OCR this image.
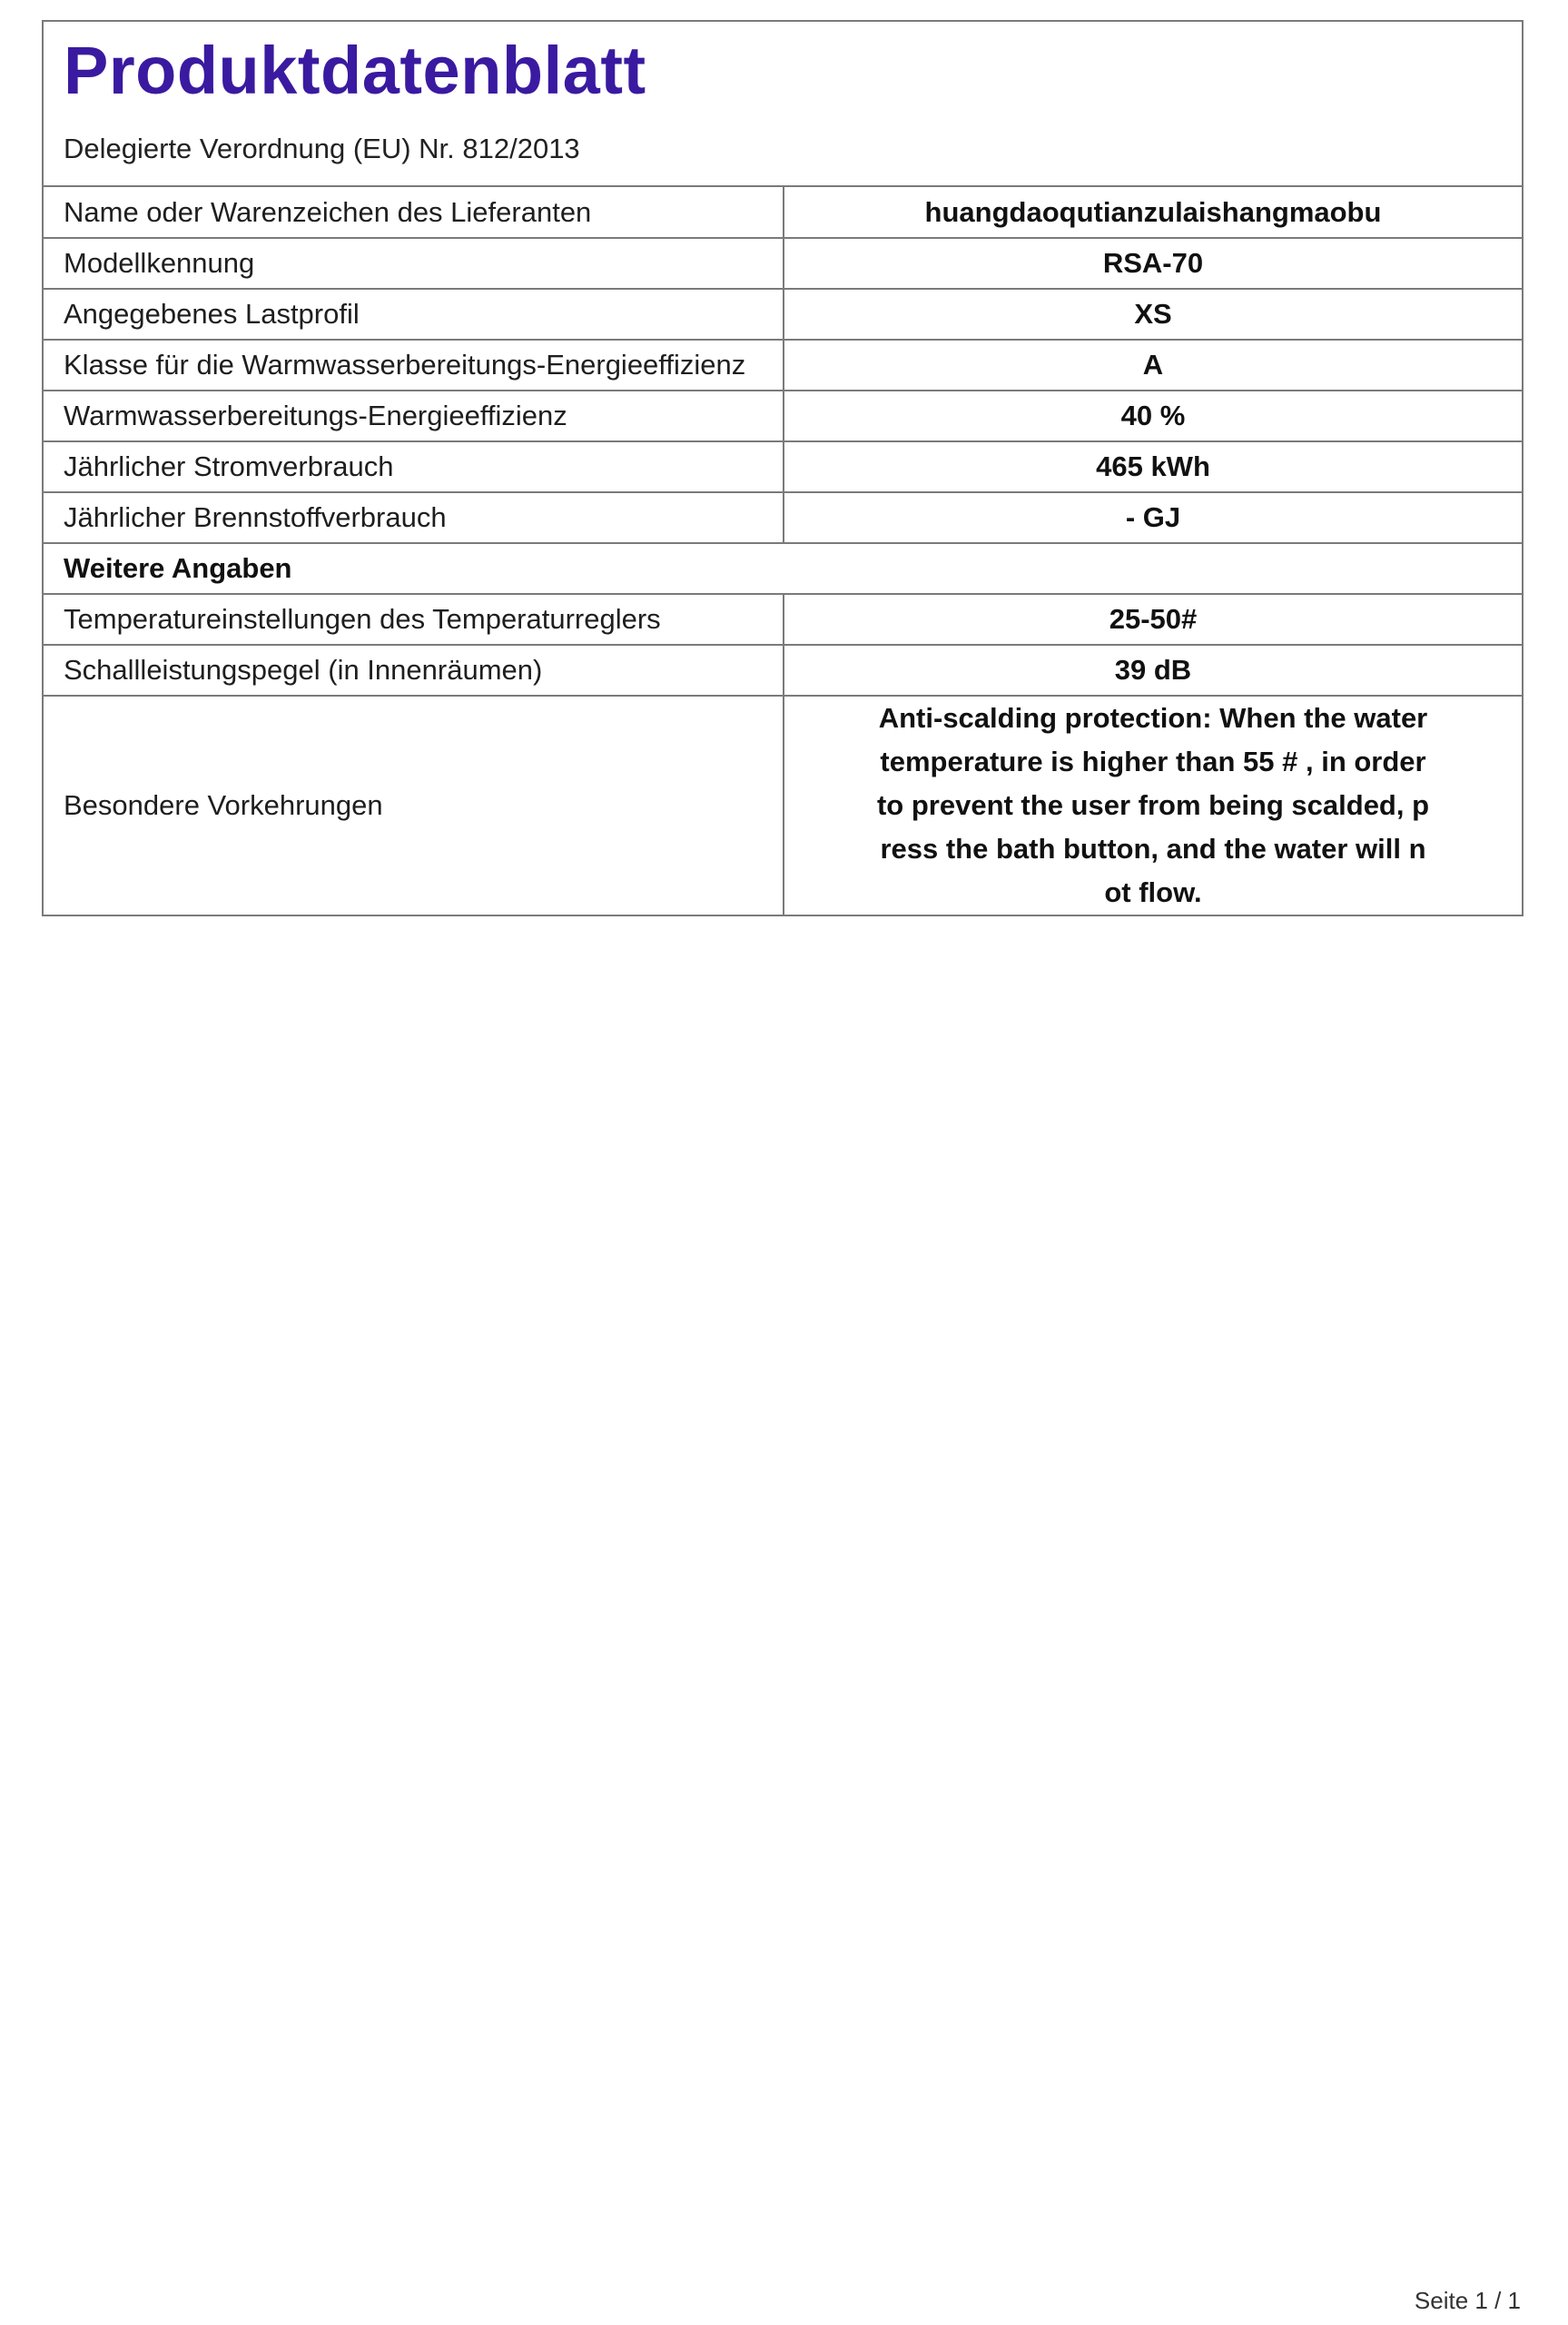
Produktdatenblatt
Delegierte Verordnung (EU) Nr. 812/2013
Name oder Warenzeichen des Lieferanten	huangdaoqutianzulaishangmaobu
Modellkennung	RSA-70
Angegebenes Lastprofil	XS
Klasse für die Warmwasserbereitungs-Energieeffizienz	A
Warmwasserbereitungs-Energieeffizienz	40 %
Jährlicher Stromverbrauch	465 kWh
Jährlicher Brennstoffverbrauch	- GJ
Weitere Angaben	
Temperatureinstellungen des Temperaturreglers	25-50#
Schallleistungspegel (in Innenräumen)	39 dB
Besondere Vorkehrungen	Anti-scalding protection: When the water temperature is higher than 55 # , in order to prevent the user from being scalded, press the bath button, and the water will not flow.
Seite 1 / 1
